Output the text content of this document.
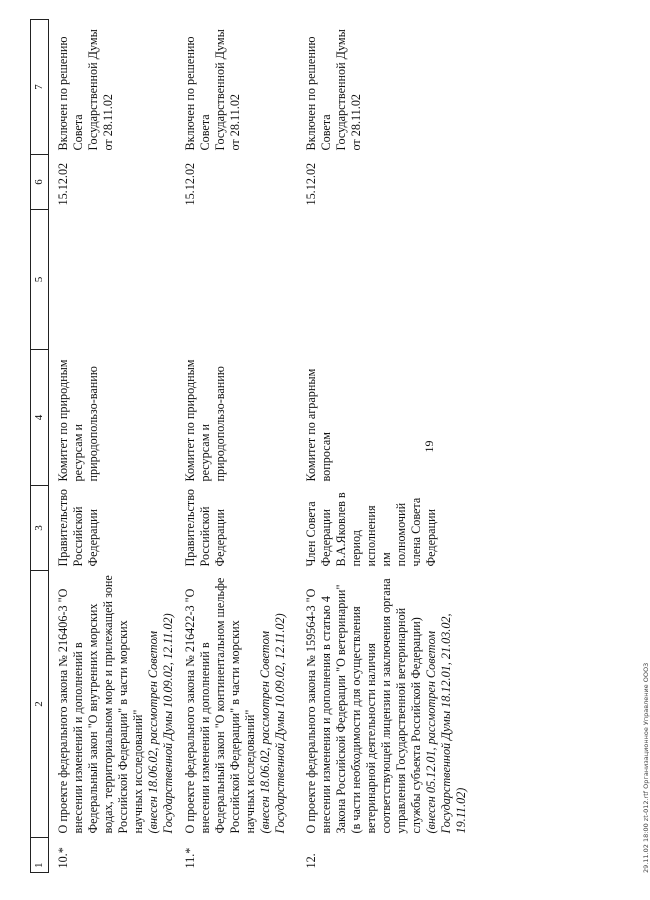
1	2	3	4	5	6	7
10.*	О проекте федерального закона № 216406-3 "О внесении изменений и дополнений в Федеральный закон "О внутренних морских водах, территориальном море и прилежащей зоне Российской Федерации" в части морских научных исследований"
(внесен 18.06.02, рассмотрен Советом Государственной Думы 10.09.02, 12.11.02)	Правительство Российской Федерации	Комитет по природным ресурсам и природопользо-ванию		15.12.02	Включен по решению Совета Государственной Думы от 28.11.02
11.*	О проекте федерального закона № 216422-3 "О внесении изменений и дополнений в Федеральный закон "О континентальном шельфе Российской Федерации" в части морских научных исследований"
(внесен 18.06.02, рассмотрен Советом Государственной Думы 10.09.02, 12.11.02)	Правительство Российской Федерации	Комитет по природным ресурсам и природопользо-ванию		15.12.02	Включен по решению Совета Государственной Думы от 28.11.02
12.	О проекте федерального закона № 159564-3 "О внесении изменения и дополнения в статью 4 Закона Российской Федерации "О ветеринарии" (в части необходимости для осуществления ветеринарной деятельности наличия соответствующей лицензии и заключения органа управления Государственной ветеринарной службы субъекта Российской Федерации)
(внесен 05.12.01, рассмотрен Советом Государственной Думы 18.12.01, 21.03.02, 19.11.02)	Член Совета Федерации В.А.Яковлев в период исполнения им полномочий члена Совета Федерации	Комитет по аграрным вопросам		15.12.02	Включен по решению Совета Государственной Думы от 28.11.02
19
29.11.02 18:00 zt-012.rtf Организационное Управление ООО3
